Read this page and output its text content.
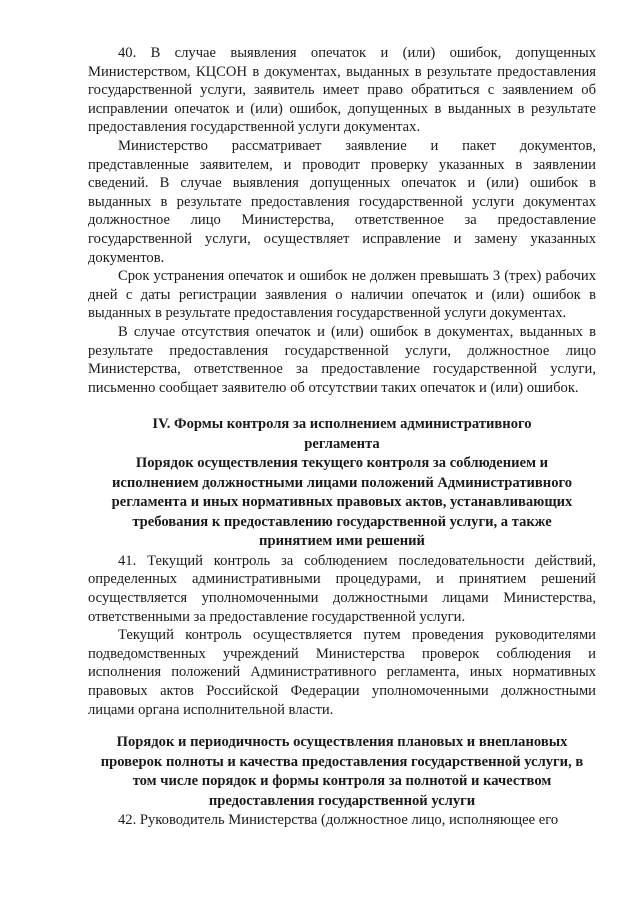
40. В случае выявления опечаток и (или) ошибок, допущенных Министерством, КЦСОН в документах, выданных в результате предоставления государственной услуги, заявитель имеет право обратиться с заявлением об исправлении опечаток и (или) ошибок, допущенных в выданных в результате предоставления государственной услуги документах.

Министерство рассматривает заявление и пакет документов, представленные заявителем, и проводит проверку указанных в заявлении сведений. В случае выявления допущенных опечаток и (или) ошибок в выданных в результате предоставления государственной услуги документах должностное лицо Министерства, ответственное за предоставление государственной услуги, осуществляет исправление и замену указанных документов.

Срок устранения опечаток и ошибок не должен превышать 3 (трех) рабочих дней с даты регистрации заявления о наличии опечаток и (или) ошибок в выданных в результате предоставления государственной услуги документах.

В случае отсутствия опечаток и (или) ошибок в документах, выданных в результате предоставления государственной услуги, должностное лицо Министерства, ответственное за предоставление государственной услуги, письменно сообщает заявителю об отсутствии таких опечаток и (или) ошибок.

IV. Формы контроля за исполнением административного регламента

Порядок осуществления текущего контроля за соблюдением и исполнением должностными лицами положений Административного регламента и иных нормативных правовых актов, устанавливающих требования к предоставлению государственной услуги, а также принятием ими решений

41. Текущий контроль за соблюдением последовательности действий, определенных административными процедурами, и принятием решений осуществляется уполномоченными должностными лицами Министерства, ответственными за предоставление государственной услуги.

Текущий контроль осуществляется путем проведения руководителями подведомственных учреждений Министерства проверок соблюдения и исполнения положений Административного регламента, иных нормативных правовых актов Российской Федерации уполномоченными должностными лицами органа исполнительной власти.

Порядок и периодичность осуществления плановых и внеплановых проверок полноты и качества предоставления государственной услуги, в том числе порядок и формы контроля за полнотой и качеством предоставления государственной услуги

42. Руководитель Министерства (должностное лицо, исполняющее его
